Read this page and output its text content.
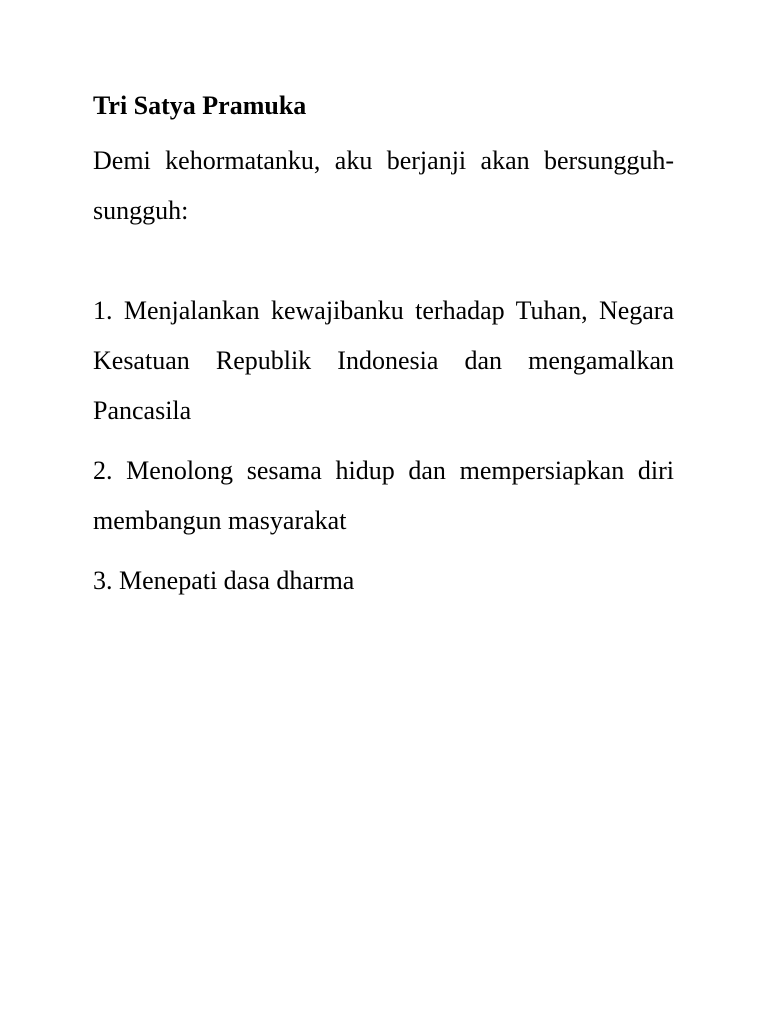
Tri Satya Pramuka

Demi kehormatanku, aku berjanji akan bersungguh-sungguh:

1. Menjalankan kewajibanku terhadap Tuhan, Negara Kesatuan Republik Indonesia dan mengamalkan Pancasila

2. Menolong sesama hidup dan mempersiapkan diri membangun masyarakat

3. Menepati dasa dharma
